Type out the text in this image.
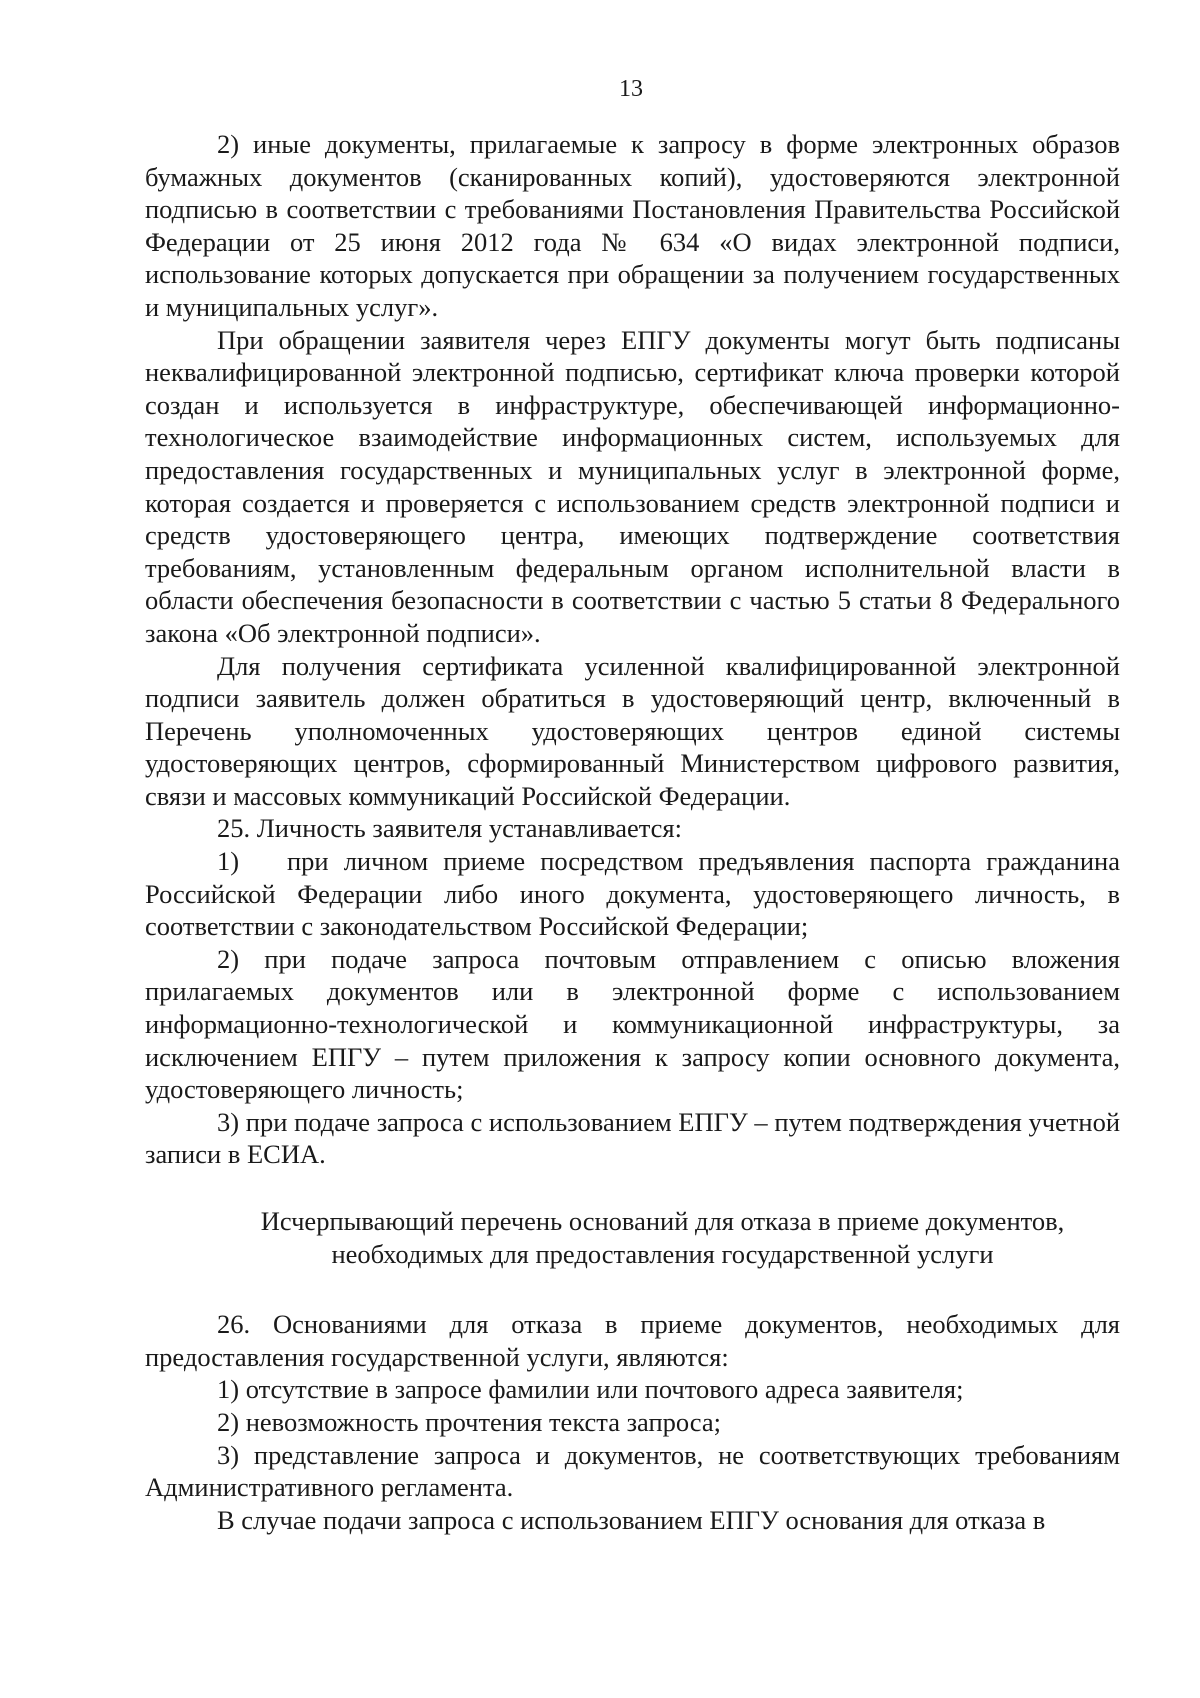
13

2) иные документы, прилагаемые к запросу в форме электронных образов бумажных документов (сканированных копий), удостоверяются электронной подписью в соответствии с требованиями Постановления Правительства Российской Федерации от 25 июня 2012 года № 634 «О видах электронной подписи, использование которых допускается при обращении за получением государственных и муниципальных услуг».

При обращении заявителя через ЕПГУ документы могут быть подписаны неквалифицированной электронной подписью, сертификат ключа проверки которой создан и используется в инфраструктуре, обеспечивающей информационно-технологическое взаимодействие информационных систем, используемых для предоставления государственных и муниципальных услуг в электронной форме, которая создается и проверяется с использованием средств электронной подписи и средств удостоверяющего центра, имеющих подтверждение соответствия требованиям, установленным федеральным органом исполнительной власти в области обеспечения безопасности в соответствии с частью 5 статьи 8 Федерального закона «Об электронной подписи».

Для получения сертификата усиленной квалифицированной электронной подписи заявитель должен обратиться в удостоверяющий центр, включенный в Перечень уполномоченных удостоверяющих центров единой системы удостоверяющих центров, сформированный Министерством цифрового развития, связи и массовых коммуникаций Российской Федерации.

25. Личность заявителя устанавливается:

1) при личном приеме посредством предъявления паспорта гражданина Российской Федерации либо иного документа, удостоверяющего личность, в соответствии с законодательством Российской Федерации;

2) при подаче запроса почтовым отправлением с описью вложения прилагаемых документов или в электронной форме с использованием информационно-технологической и коммуникационной инфраструктуры, за исключением ЕПГУ – путем приложения к запросу копии основного документа, удостоверяющего личность;

3) при подаче запроса с использованием ЕПГУ – путем подтверждения учетной записи в ЕСИА.

Исчерпывающий перечень оснований для отказа в приеме документов,
необходимых для предоставления государственной услуги

26. Основаниями для отказа в приеме документов, необходимых для предоставления государственной услуги, являются:

1) отсутствие в запросе фамилии или почтового адреса заявителя;

2) невозможность прочтения текста запроса;

3) представление запроса и документов, не соответствующих требованиям Административного регламента.

В случае подачи запроса с использованием ЕПГУ основания для отказа в
